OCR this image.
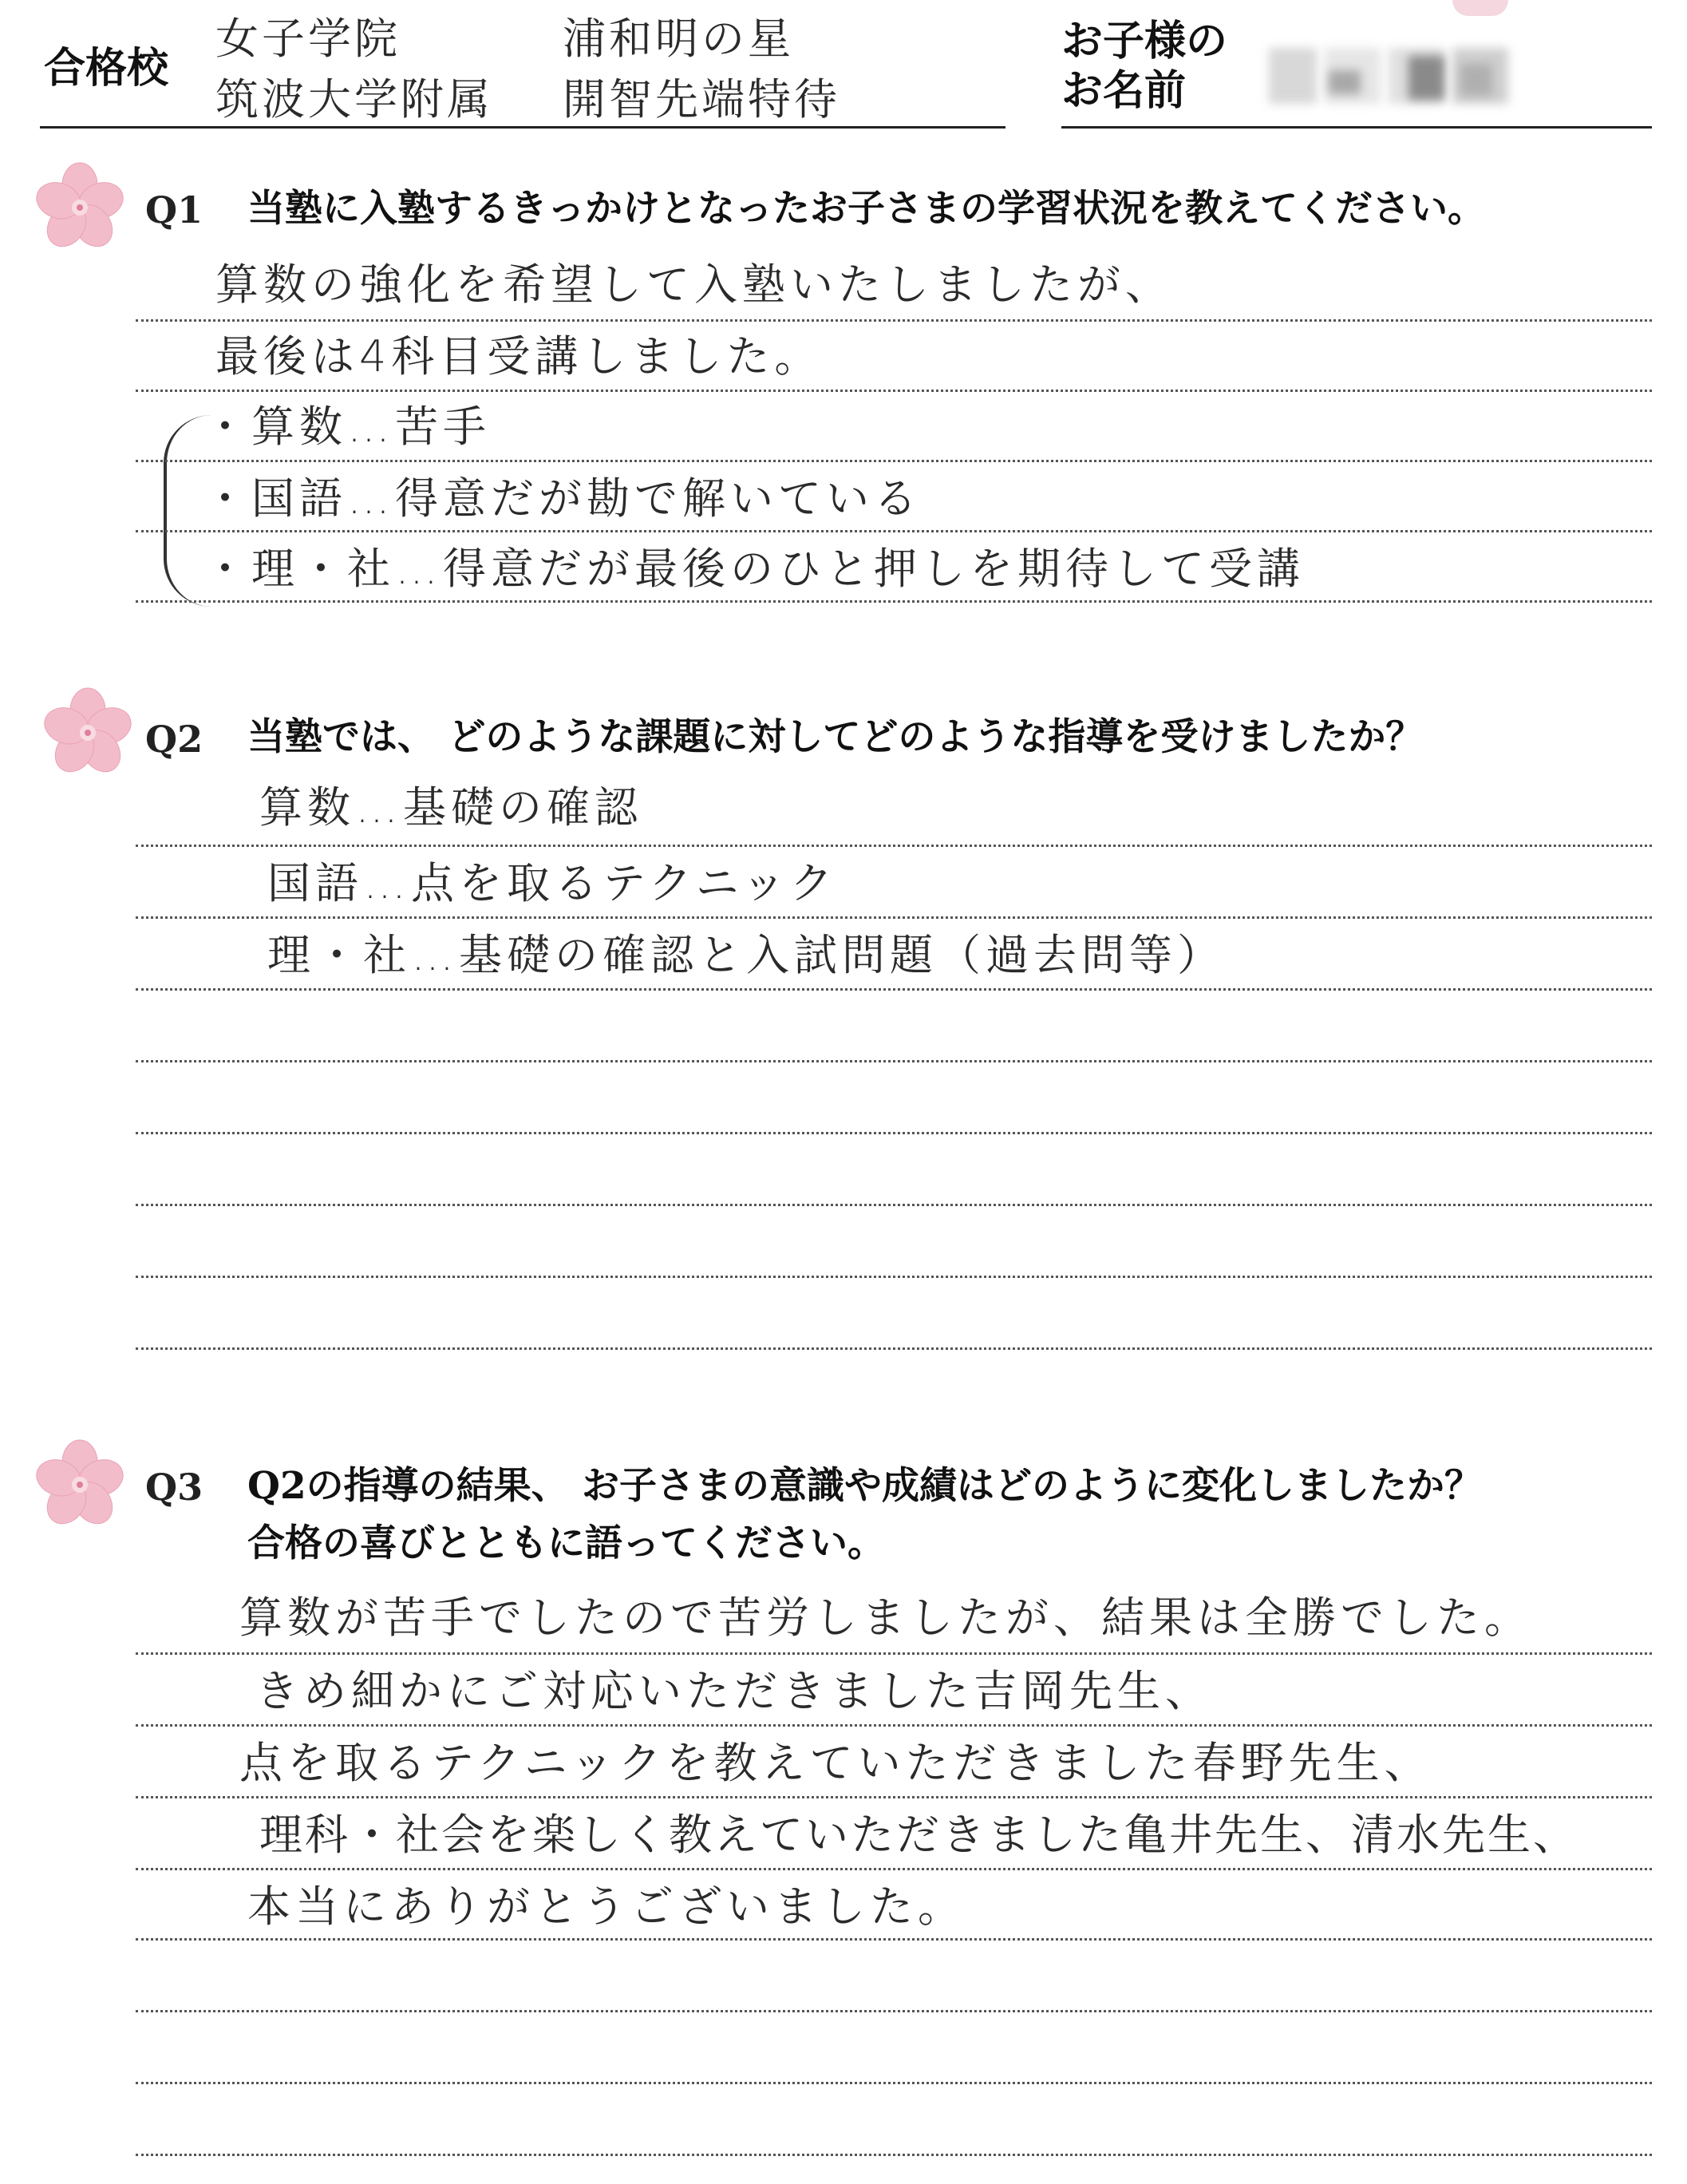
合格校
女子学院	浦和明の星
筑波大学附属 開智先端特待
お子様の
お名前
Q1 当塾に入塾するきっかけとなったお子さまの学習状況を教えてください。
算数の強化を希望して入塾いたしましたが、
最後は4科目受講しました。
・算数…苦手
・国語…得意だが勘で解いている
・理・社…得意だが最後のひと押しを期待して受講
Q2 当塾では、 どのような課題に対してどのような指導を受けましたか？
算数…基礎の確認
国語…点を取るテクニック
理・社…基礎の確認と入試問題（過去問等）
Q3 Q2の指導の結果、 お子さまの意識や成績はどのように変化しましたか？
合格の喜びとともに語ってください。
算数が苦手でしたので苦労しましたが、結果は全勝でした。
きめ細かにご対応いただきました吉岡先生、
点を取るテクニックを教えていただきました春野先生、
理科・社会を楽しく教えていただきました亀井先生、清水先生、
本当にありがとうございました。
